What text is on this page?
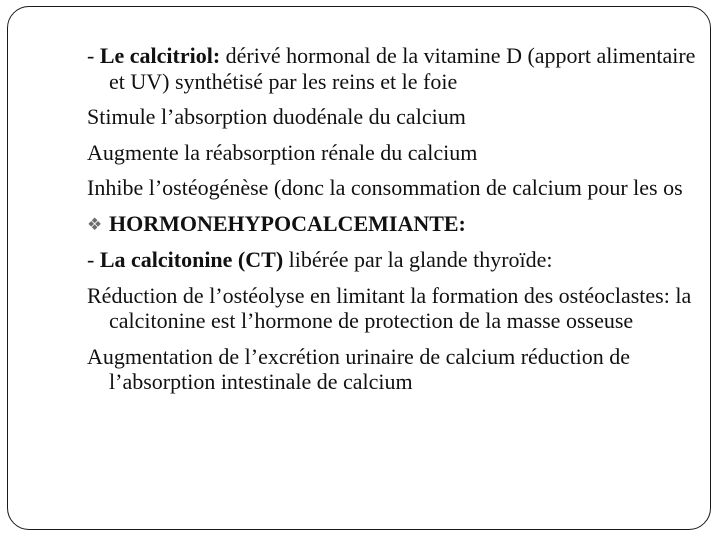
- Le calcitriol: dérivé hormonal de la vitamine D (apport alimentaire et UV) synthétisé par les reins et le foie

Stimule l’absorption duodénale du calcium

Augmente la réabsorption rénale du calcium

Inhibe l’ostéogénèse (donc la consommation de calcium pour les os

❖ HORMONEHYPOCALCEMIANTE:

- La calcitonine (CT) libérée par la glande thyroïde:

Réduction de l’ostéolyse en limitant la formation des ostéoclastes: la calcitonine est l’hormone de protection de la masse osseuse

Augmentation de l’excrétion urinaire de calcium réduction de l’absorption intestinale de calcium
